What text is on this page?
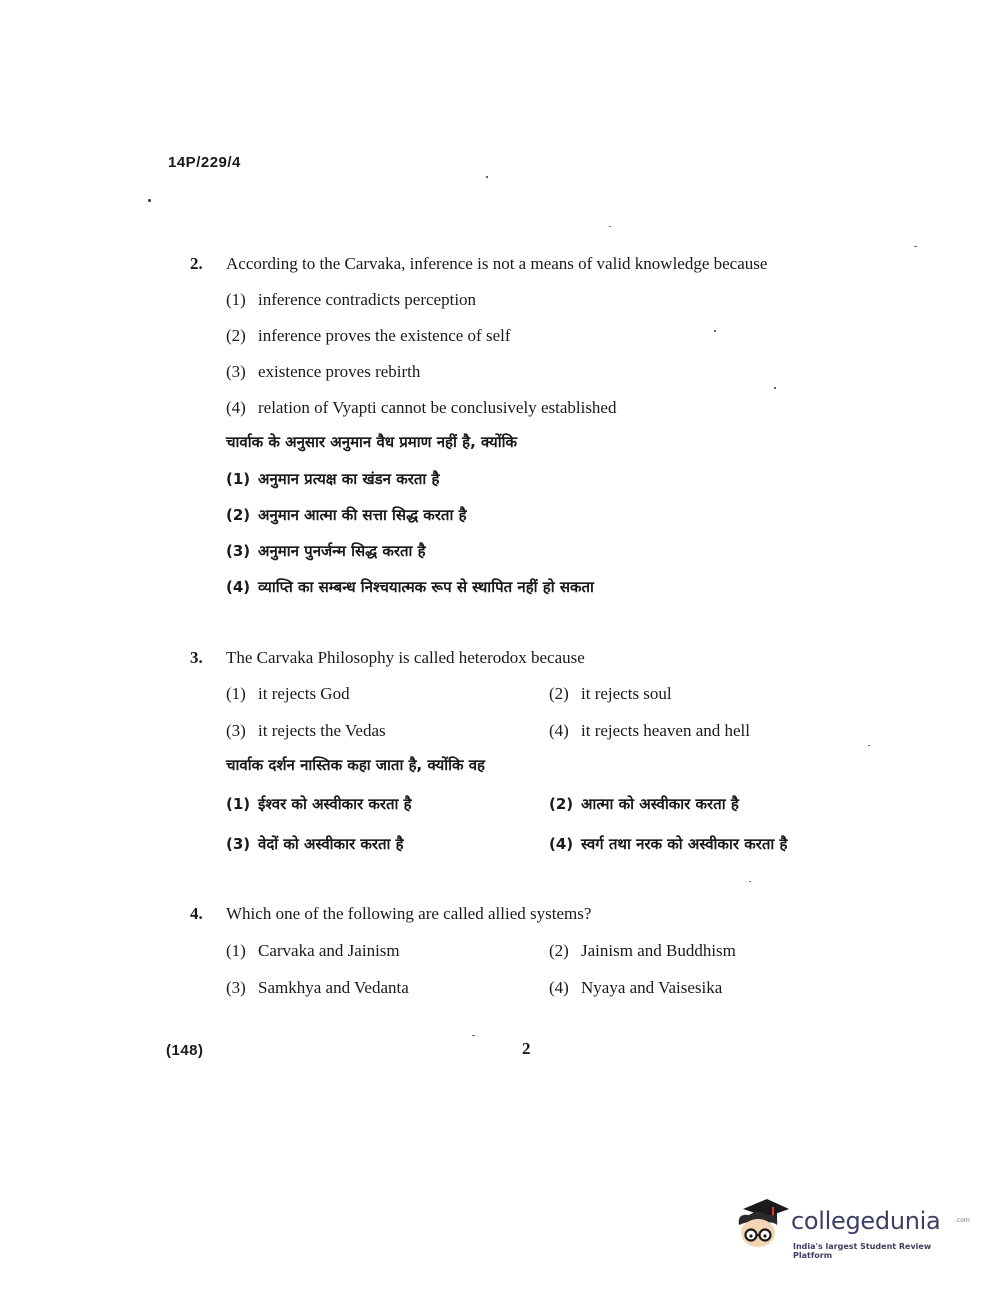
14P/229/4
2. According to the Carvaka, inference is not a means of valid knowledge because
(1) inference contradicts perception
(2) inference proves the existence of self
(3) existence proves rebirth
(4) relation of Vyapti cannot be conclusively established
चार्वाक के अनुसार अनुमान वैध प्रमाण नहीं है, क्योंकि
(1) अनुमान प्रत्यक्ष का खंडन करता है
(2) अनुमान आत्मा की सत्ता सिद्ध करता है
(3) अनुमान पुनर्जन्म सिद्ध करता है
(4) व्याप्ति का सम्बन्ध निश्चयात्मक रूप से स्थापित नहीं हो सकता
3. The Carvaka Philosophy is called heterodox because
(1) it rejects God	(2) it rejects soul
(3) it rejects the Vedas	(4) it rejects heaven and hell
चार्वाक दर्शन नास्तिक कहा जाता है, क्योंकि वह
(1) ईश्वर को अस्वीकार करता है	(2) आत्मा को अस्वीकार करता है
(3) वेदों को अस्वीकार करता है	(4) स्वर्ग तथा नरक को अस्वीकार करता है
4. Which one of the following are called allied systems?
(1) Carvaka and Jainism	(2) Jainism and Buddhism
(3) Samkhya and Vedanta	(4) Nyaya and Vaisesika
(148)	2
collegedunia .com
India's largest Student Review Platform
